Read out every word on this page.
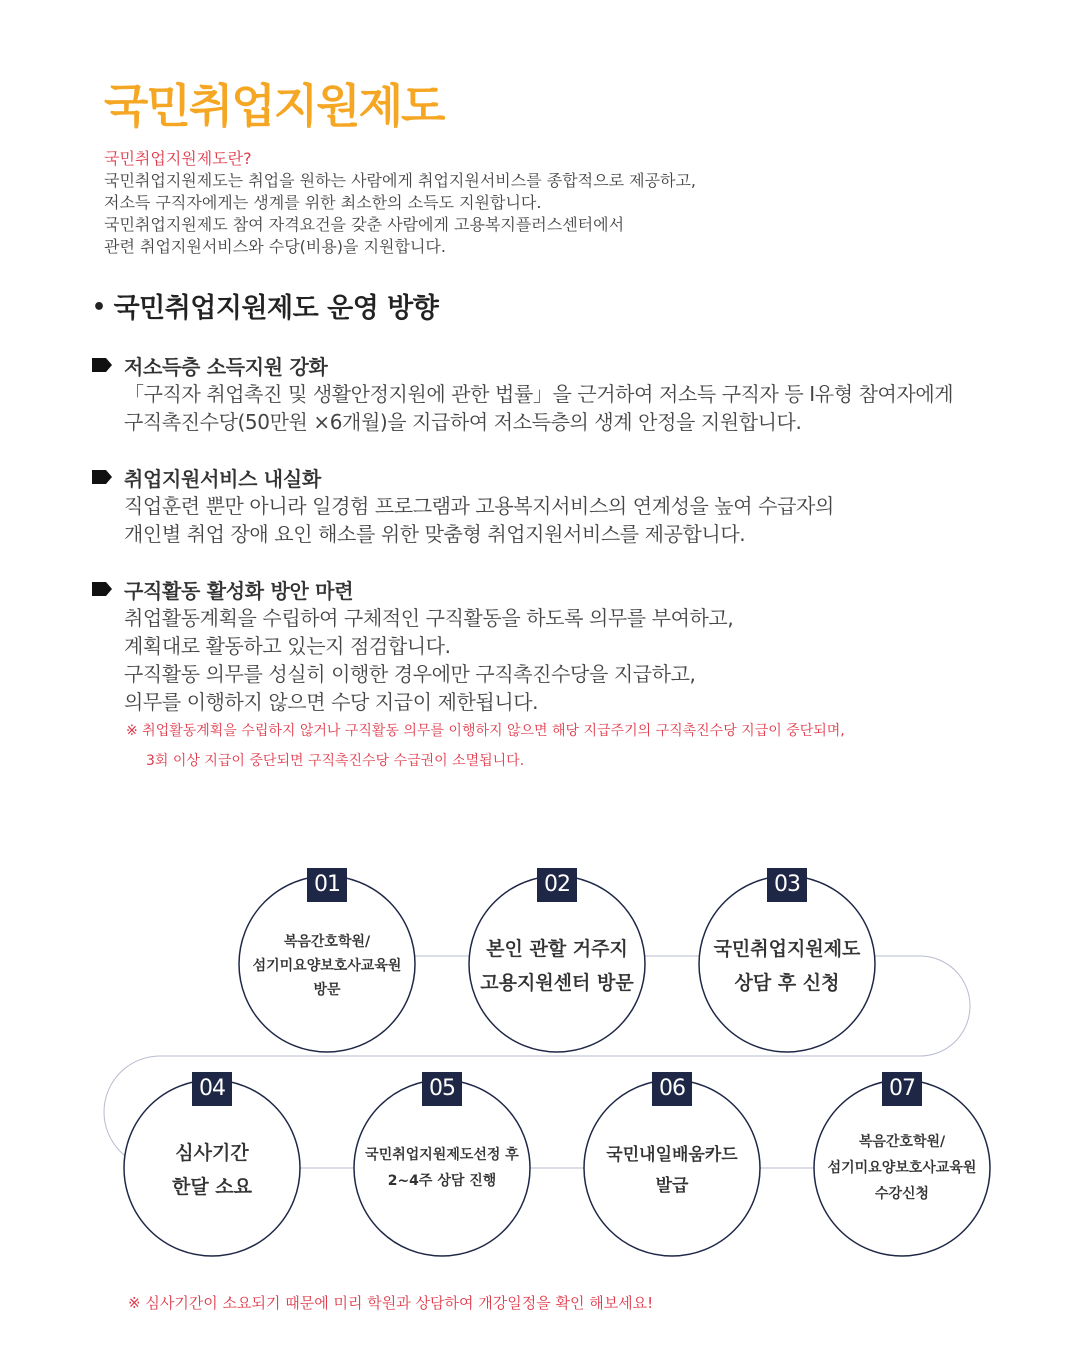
국민취업지원제도
국민취업지원제도란?
국민취업지원제도는 취업을 원하는 사람에게 취업지원서비스를 종합적으로 제공하고,
저소득 구직자에게는 생계를 위한 최소한의 소득도 지원합니다.
국민취업지원제도 참여 자격요건을 갖춘 사람에게 고용복지플러스센터에서
관련 취업지원서비스와 수당(비용)을 지원합니다.
• 국민취업지원제도 운영 방향
저소득층 소득지원 강화
「구직자 취업촉진 및 생활안정지원에 관한 법률」을 근거하여 저소득 구직자 등 I유형 참여자에게
구직촉진수당(50만원 ×6개월)을 지급하여 저소득층의 생계 안정을 지원합니다.
취업지원서비스 내실화
직업훈련 뿐만 아니라 일경험 프로그램과 고용복지서비스의 연계성을 높여 수급자의
개인별 취업 장애 요인 해소를 위한 맞춤형 취업지원서비스를 제공합니다.
구직활동 활성화 방안 마련
취업활동계획을 수립하여 구체적인 구직활동을 하도록 의무를 부여하고,
계획대로 활동하고 있는지 점검합니다.
구직활동 의무를 성실히 이행한 경우에만 구직촉진수당을 지급하고,
의무를 이행하지 않으면 수당 지급이 제한됩니다.
※ 취업활동계획을 수립하지 않거나 구직활동 의무를 이행하지 않으면 해당 지급주기의 구직촉진수당 지급이 중단되며,
3회 이상 지급이 중단되면 구직촉진수당 수급권이 소멸됩니다.
01	02	03
04	05	06	07
복음간호학원/
섬기미요양보호사교육원
방문
본인 관할 거주지
고용지원센터 방문
국민취업지원제도
상담 후 신청
심사기간
한달 소요
국민취업지원제도선정 후
2~4주 상담 진행
국민내일배움카드
발급
복음간호학원/
섬기미요양보호사교육원
수강신청
※ 심사기간이 소요되기 때문에 미리 학원과 상담하여 개강일정을 확인 해보세요!
